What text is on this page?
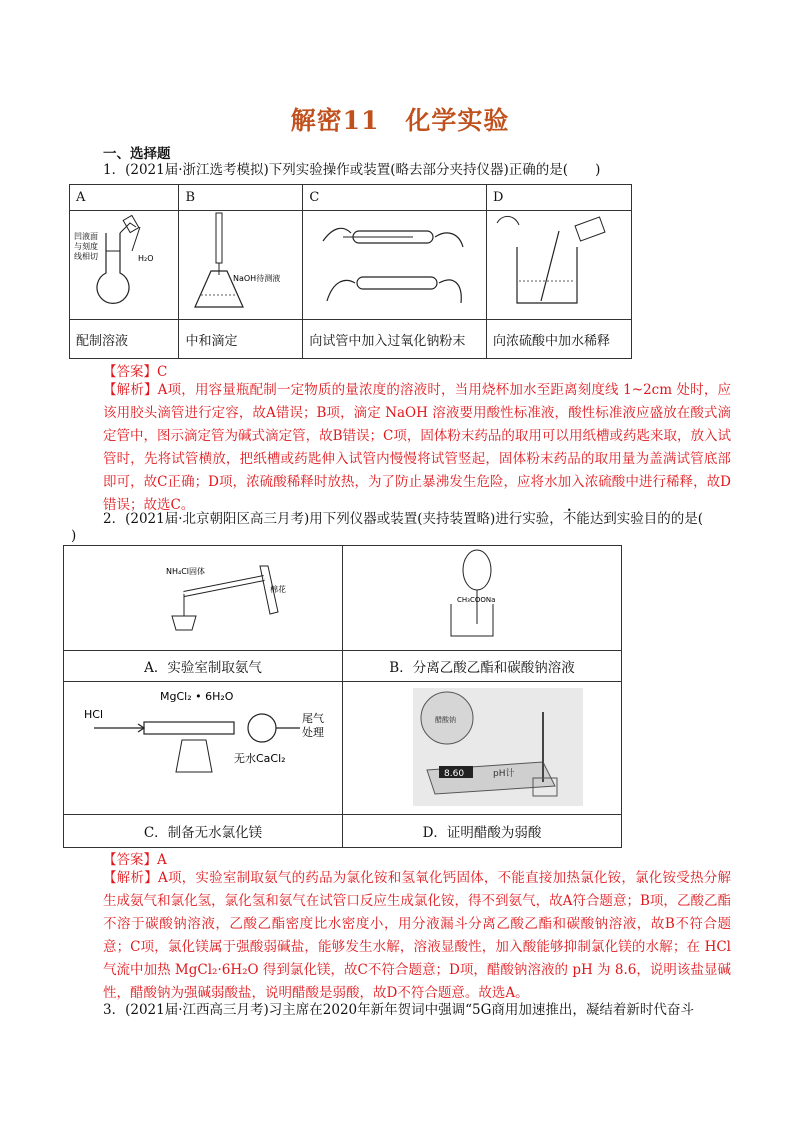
解密11　化学实验
一、选择题
1．(2021届·浙江选考模拟)下列实验操作或装置(略去部分夹持仪器)正确的是(　　)
A	B	C	D

凹液面
与刻度
线相切 H₂O	NaOH待测液

配制溶液	中和滴定	向试管中加入过氧化钠粉末	向浓硫酸中加水稀释
【答案】C
【解析】A项，用容量瓶配制一定物质的量浓度的溶液时，当用烧杯加水至距离刻度线 1~2cm 处时，应该用胶头滴管进行定容，故A错误；B项，滴定 NaOH 溶液要用酸性标准液，酸性标准液应盛放在酸式滴定管中，图示滴定管为碱式滴定管，故B错误；C项，固体粉末药品的取用可以用纸槽或药匙来取，放入试管时，先将试管横放，把纸槽或药匙伸入试管内慢慢将试管竖起，固体粉末药品的取用量为盖满试管底部即可，故C正确；D项，浓硫酸稀释时放热，为了防止暴沸发生危险，应将水加入浓硫酸中进行稀释，故D错误；故选C。
2．(2021届·北京朝阳区高三月考)用下列仪器或装置(夹持装置略)进行实验，不能达到实验目的的是(
)
NH₄Cl固体
棉花	CH₃COONa

A．实验室制取氨气	B．分离乙酸乙酯和碳酸钠溶液

HCl
MgCl₂ • 6H₂O
尾气
处理
无水CaCl₂	醋酸钠
8.60 pH计

C．制备无水氯化镁	D．证明醋酸为弱酸
【答案】A
【解析】A项，实验室制取氨气的药品为氯化铵和氢氧化钙固体，不能直接加热氯化铵，氯化铵受热分解生成氨气和氯化氢，氯化氢和氨气在试管口反应生成氯化铵，得不到氨气，故A符合题意；B项，乙酸乙酯不溶于碳酸钠溶液，乙酸乙酯密度比水密度小，用分液漏斗分离乙酸乙酯和碳酸钠溶液，故B不符合题意；C项，氯化镁属于强酸弱碱盐，能够发生水解，溶液显酸性，加入酸能够抑制氯化镁的水解；在 HCl 气流中加热 MgCl₂·6H₂O 得到氯化镁，故C不符合题意；D项，醋酸钠溶液的 pH 为 8.6，说明该盐显碱性，醋酸钠为强碱弱酸盐，说明醋酸是弱酸，故D不符合题意。故选A。
3．(2021届·江西高三月考)习主席在2020年新年贺词中强调“5G商用加速推出，凝结着新时代奋斗
